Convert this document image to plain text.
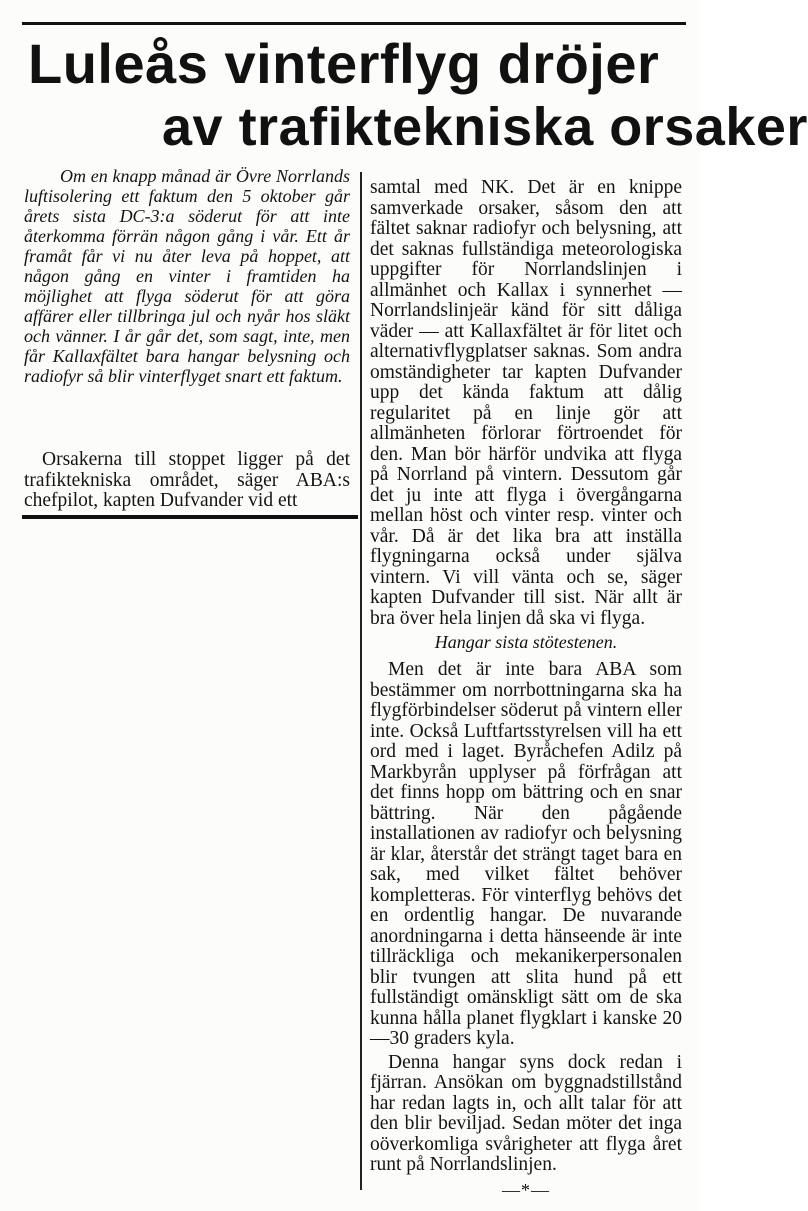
Luleås vinterflyg dröjer
av trafiktekniska orsaker

Om en knapp månad är Övre Norrlands luftisolering ett faktum den 5 oktober går årets sista DC-3:a söderut för att inte återkomma förrän någon gång i vår. Ett år framåt får vi nu åter leva på hoppet, att någon gång en vinter i framtiden ha möjlighet att flyga söderut för att göra affärer eller tillbringa jul och nyår hos släkt och vänner. I år går det, som sagt, inte, men får Kallaxfältet bara hangar belysning och radiofyr så blir vinterflyget snart ett faktum.

Orsakerna till stoppet ligger på det trafiktekniska området, säger ABA:s chefpilot, kapten Dufvander vid ett

samtal med NK. Det är en knippe samverkade orsaker, såsom den att fältet saknar radiofyr och belysning, att det saknas fullständiga meteorologiska uppgifter för Norrlandslinjen i allmänhet och Kallax i synnerhet — Norrlandslinjeär känd för sitt dåliga väder — att Kallaxfältet är för litet och alternativflygplatser saknas. Som andra omständigheter tar kapten Dufvander upp det kända faktum att dålig regularitet på en linje gör att allmänheten förlorar förtroendet för den. Man bör härför undvika att flyga på Norrland på vintern. Dessutom går det ju inte att flyga i övergångarna mellan höst och vinter resp. vinter och vår. Då är det lika bra att inställa flygningarna också under själva vintern. Vi vill vänta och se, säger kapten Dufvander till sist. När allt är bra över hela linjen då ska vi flyga.

Hangar sista stötestenen.

Men det är inte bara ABA som bestämmer om norrbottningarna ska ha flygförbindelser söderut på vintern eller inte. Också Luftfartsstyrelsen vill ha ett ord med i laget. Byråchefen Adilz på Markbyrån upplyser på förfrågan att det finns hopp om bättring och en snar bättring. När den pågående installationen av radiofyr och belysning är klar, återstår det strängt taget bara en sak, med vilket fältet behöver kompletteras. För vinterflyg behövs det en ordentlig hangar. De nuvarande anordningarna i detta hänseende är inte tillräckliga och mekanikerpersonalen blir tvungen att slita hund på ett fullständigt omänskligt sätt om de ska kunna hålla planet flygklart i kanske 20—30 graders kyla.

Denna hangar syns dock redan i fjärran. Ansökan om byggnadstillstånd har redan lagts in, och allt talar för att den blir beviljad. Sedan möter det inga oöverkomliga svårigheter att flyga året runt på Norrlandslinjen.

—*—
